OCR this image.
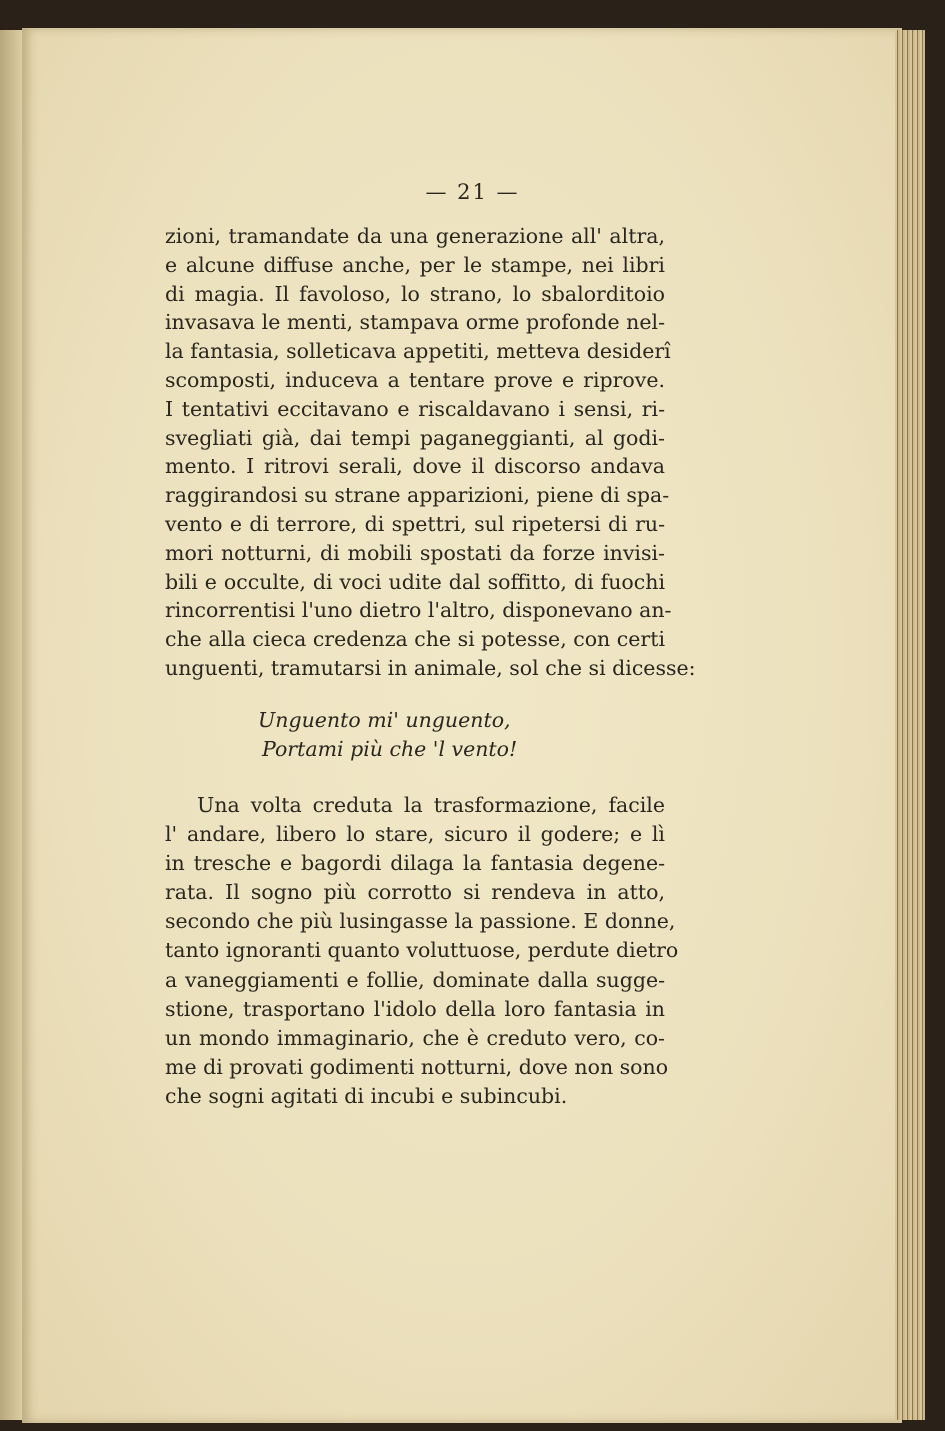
— 21 —
zioni, tramandate da una generazione all' altra,
e alcune diffuse anche, per le stampe, nei libri
di magia. Il favoloso, lo strano, lo sbalorditoio
invasava le menti, stampava orme profonde nel-
la fantasia, solleticava appetiti, metteva desiderî
scomposti, induceva a tentare prove e riprove.
I tentativi eccitavano e riscaldavano i sensi, ri-
svegliati già, dai tempi paganeggianti, al godi-
mento. I ritrovi serali, dove il discorso andava
raggirandosi su strane apparizioni, piene di spa-
vento e di terrore, di spettri, sul ripetersi di ru-
mori notturni, di mobili spostati da forze invisi-
bili e occulte, di voci udite dal soffitto, di fuochi
rincorrentisi l'uno dietro l'altro, disponevano an-
che alla cieca credenza che si potesse, con certi
unguenti, tramutarsi in animale, sol che si dicesse:
Unguento mi' unguento,
Portami più che 'l vento!
Una volta creduta la trasformazione, facile
l' andare, libero lo stare, sicuro il godere; e lì
in tresche e bagordi dilaga la fantasia degene-
rata. Il sogno più corrotto si rendeva in atto,
secondo che più lusingasse la passione. E donne,
tanto ignoranti quanto voluttuose, perdute dietro
a vaneggiamenti e follie, dominate dalla sugge-
stione, trasportano l'idolo della loro fantasia in
un mondo immaginario, che è creduto vero, co-
me di provati godimenti notturni, dove non sono
che sogni agitati di incubi e subincubi.
